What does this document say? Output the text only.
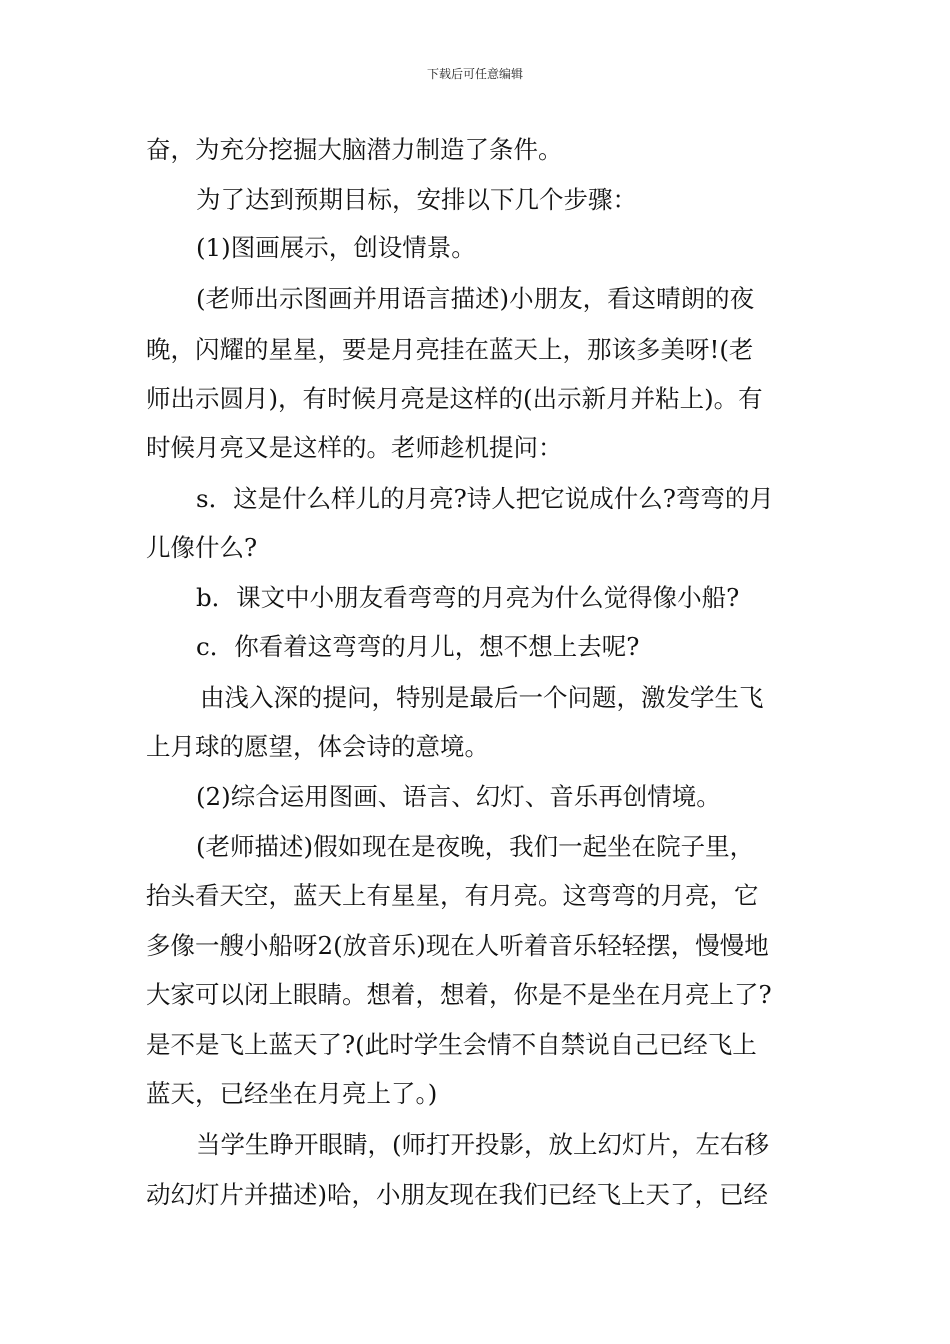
下载后可任意编辑
奋，为充分挖掘大脑潜力制造了条件。
为了达到预期目标，安排以下几个步骤：
(1)图画展示，创设情景。
(老师出示图画并用语言描述)小朋友，看这晴朗的夜
晚，闪耀的星星，要是月亮挂在蓝天上，那该多美呀!(老
师出示圆月)，有时候月亮是这样的(出示新月并粘上)。有
时候月亮又是这样的。老师趁机提问：
s．这是什么样儿的月亮?诗人把它说成什么?弯弯的月
儿像什么?
b．课文中小朋友看弯弯的月亮为什么觉得像小船?
c．你看着这弯弯的月儿，想不想上去呢?
由浅入深的提问，特别是最后一个问题，激发学生飞
上月球的愿望，体会诗的意境。
(2)综合运用图画、语言、幻灯、音乐再创情境。
(老师描述)假如现在是夜晚，我们一起坐在院子里，
抬头看天空，蓝天上有星星，有月亮。这弯弯的月亮，它
多像一艘小船呀2(放音乐)现在人听着音乐轻轻摆，慢慢地
大家可以闭上眼睛。想着，想着，你是不是坐在月亮上了?
是不是飞上蓝天了?(此时学生会情不自禁说自己已经飞上
蓝天，已经坐在月亮上了。)
当学生睁开眼睛，(师打开投影，放上幻灯片，左右移
动幻灯片并描述)哈，小朋友现在我们已经飞上天了，已经
